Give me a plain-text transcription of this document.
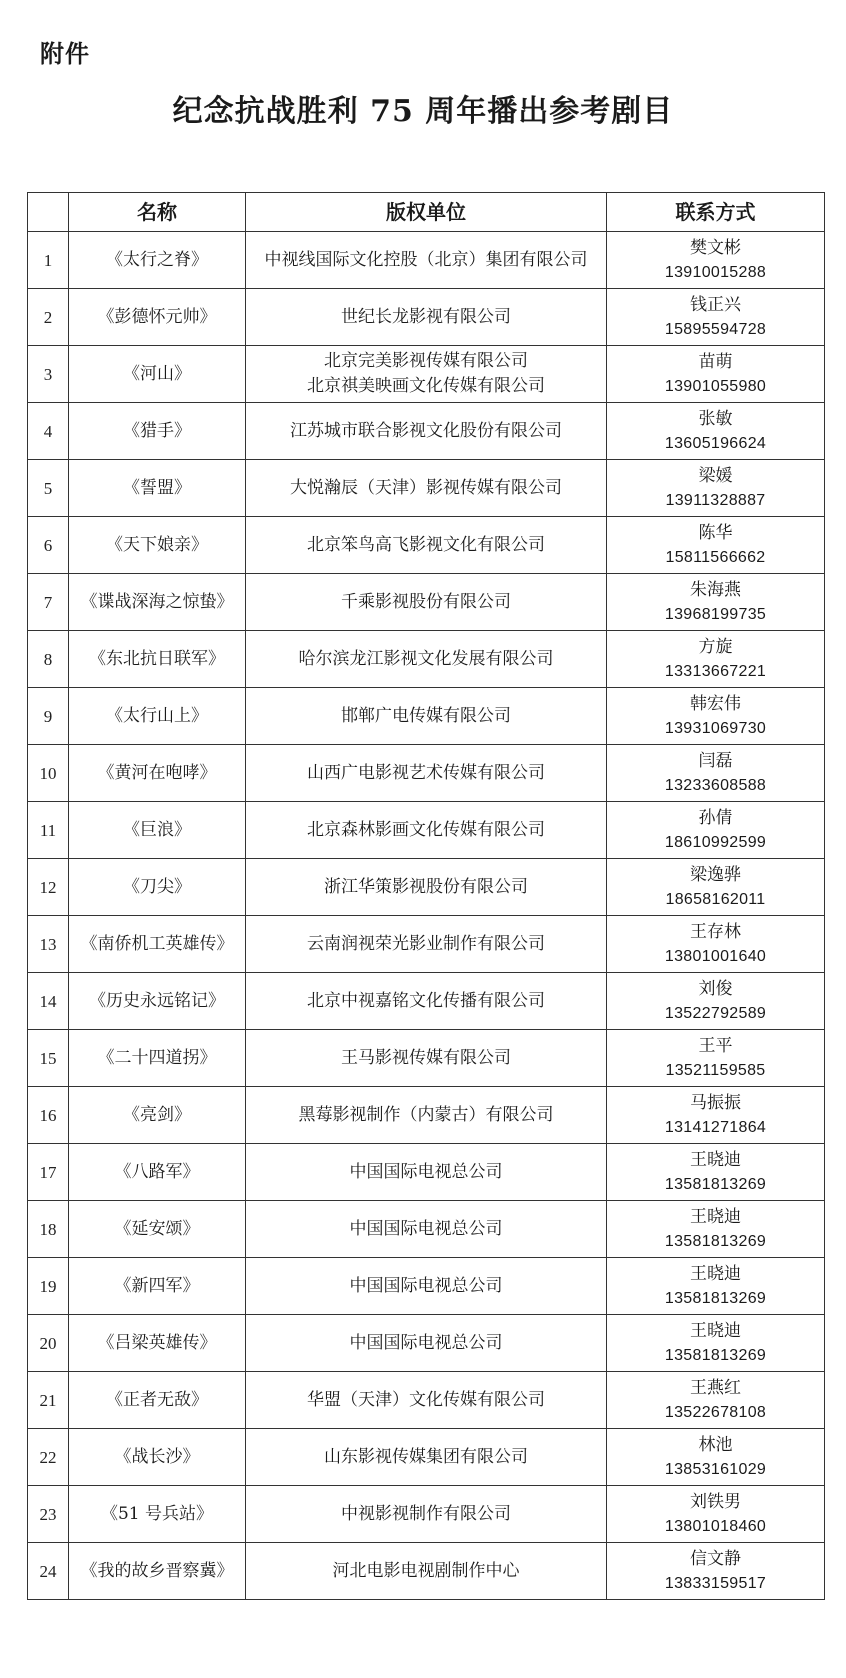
附件
纪念抗战胜利 75 周年播出参考剧目
	名称	版权单位	联系方式
1	《太行之脊》	中视线国际文化控股（北京）集团有限公司	樊文彬
13910015288

2	《彭德怀元帅》	世纪长龙影视有限公司	钱正兴
15895594728

3	《河山》	北京完美影视传媒有限公司
北京祺美映画文化传媒有限公司	苗萌
13901055980

4	《猎手》	江苏城市联合影视文化股份有限公司	张敏
13605196624

5	《誓盟》	大悦瀚辰（天津）影视传媒有限公司	梁媛
13911328887

6	《天下娘亲》	北京笨鸟高飞影视文化有限公司	陈华
15811566662

7	《谍战深海之惊蛰》	千乘影视股份有限公司	朱海燕
13968199735

8	《东北抗日联军》	哈尔滨龙江影视文化发展有限公司	方旋
13313667221

9	《太行山上》	邯郸广电传媒有限公司	韩宏伟
13931069730

10	《黄河在咆哮》	山西广电影视艺术传媒有限公司	闫磊
13233608588

11	《巨浪》	北京森林影画文化传媒有限公司	孙倩
18610992599

12	《刀尖》	浙江华策影视股份有限公司	梁逸骅
18658162011

13	《南侨机工英雄传》	云南润视荣光影业制作有限公司	王存林
13801001640

14	《历史永远铭记》	北京中视嘉铭文化传播有限公司	刘俊
13522792589

15	《二十四道拐》	王马影视传媒有限公司	王平
13521159585

16	《亮剑》	黑莓影视制作（内蒙古）有限公司	马振振
13141271864

17	《八路军》	中国国际电视总公司	王晓迪
13581813269

18	《延安颂》	中国国际电视总公司	王晓迪
13581813269

19	《新四军》	中国国际电视总公司	王晓迪
13581813269

20	《吕梁英雄传》	中国国际电视总公司	王晓迪
13581813269

21	《正者无敌》	华盟（天津）文化传媒有限公司	王燕红
13522678108

22	《战长沙》	山东影视传媒集团有限公司	林池
13853161029

23	《51 号兵站》	中视影视制作有限公司	刘铁男
13801018460

24	《我的故乡晋察冀》	河北电影电视剧制作中心	信文静
13833159517
